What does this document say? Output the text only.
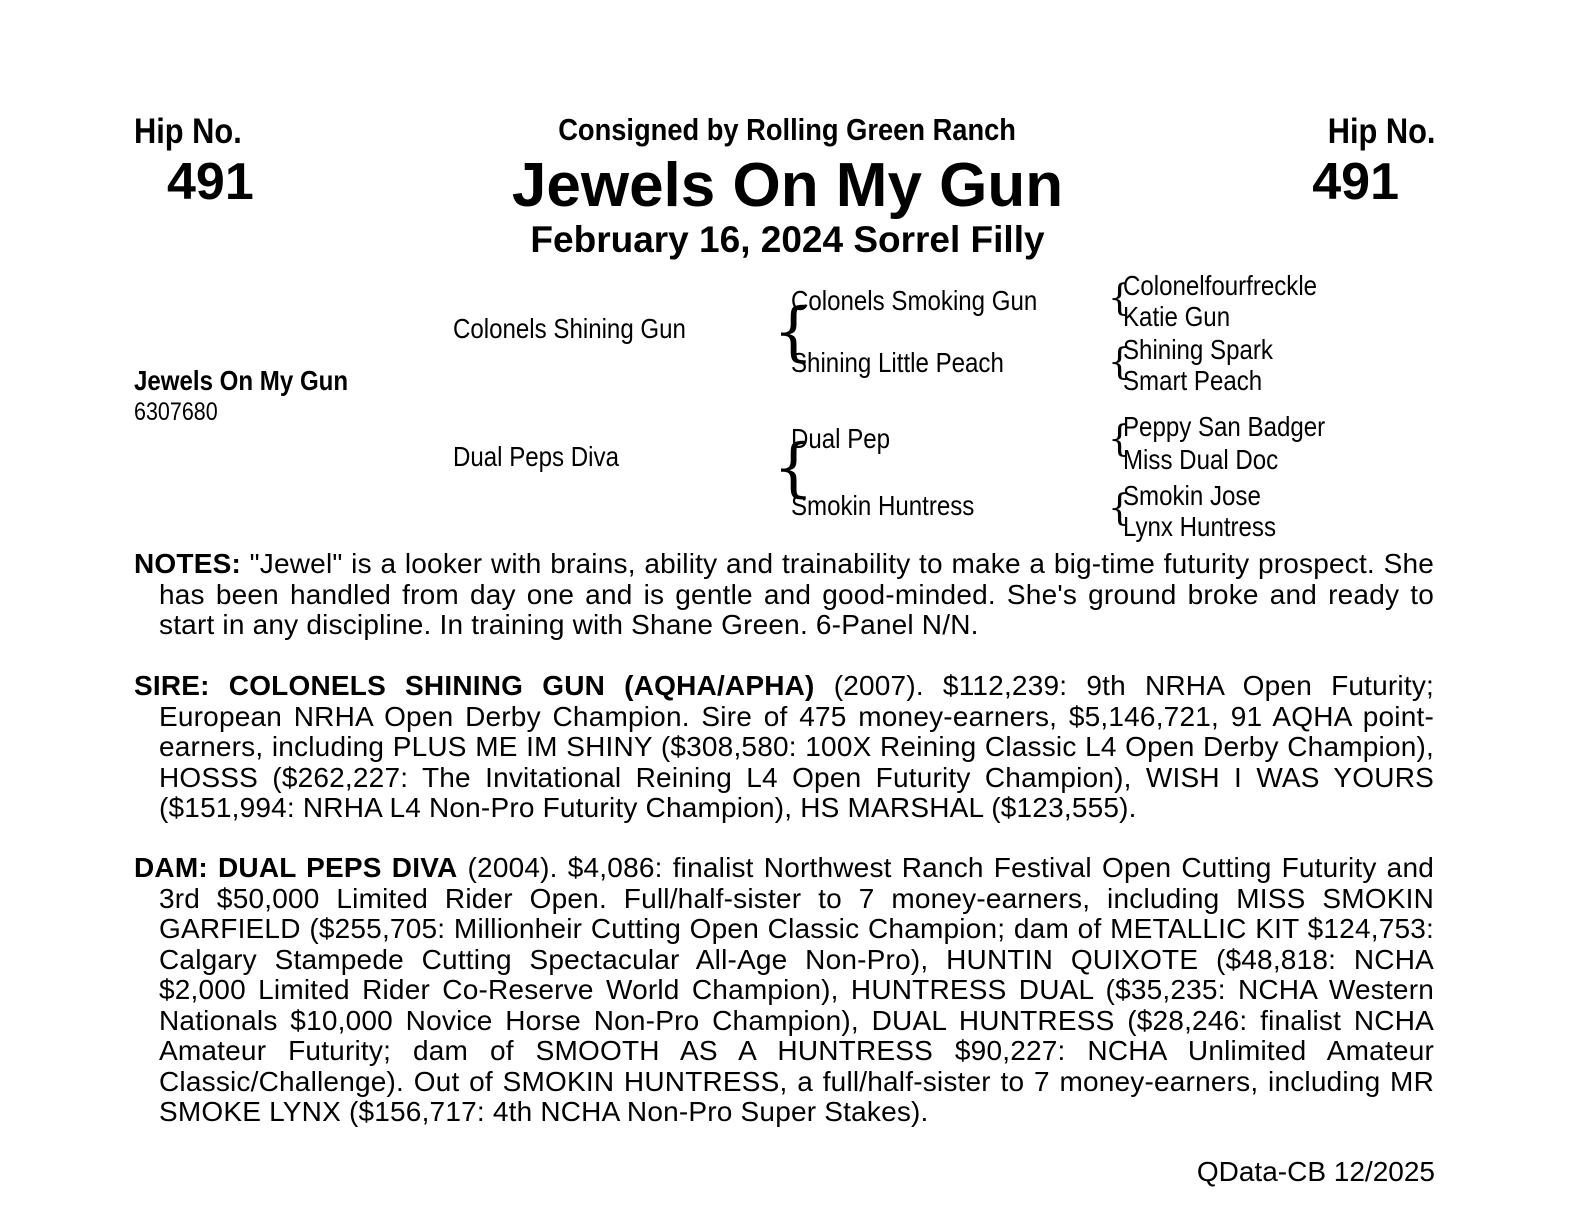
Hip No.
491
Hip No.
491
Consigned by Rolling Green Ranch
Jewels On My Gun
February 16, 2024 Sorrel Filly
Jewels On My Gun
6307680
Colonels Shining Gun
Dual Peps Diva
{
{
Colonels Smoking Gun
Shining Little Peach
Dual Pep
Smokin Huntress
{
{
{
{
Colonelfourfreckle
Katie Gun
Shining Spark
Smart Peach
Peppy San Badger
Miss Dual Doc
Smokin Jose
Lynx Huntress
NOTES: "Jewel" is a looker with brains, ability and trainability to make a big-time futurity prospect. She has been handled from day one and is gentle and good-minded. She's ground broke and ready to start in any discipline. In training with Shane Green. 6-Panel N/N.
SIRE: COLONELS SHINING GUN (AQHA/APHA) (2007). $112,239: 9th NRHA Open Futurity; European NRHA Open Derby Champion. Sire of 475 money-earners, $5,146,721, 91 AQHA point-earners, including PLUS ME IM SHINY ($308,580: 100X Reining Classic L4 Open Derby Champion), HOSSS ($262,227: The Invitational Reining L4 Open Futurity Champion), WISH I WAS YOURS ($151,994: NRHA L4 Non-Pro Futurity Champion), HS MARSHAL ($123,555).
DAM: DUAL PEPS DIVA (2004). $4,086: finalist Northwest Ranch Festival Open Cutting Futurity and 3rd $50,000 Limited Rider Open. Full/half-sister to 7 money-earners, including MISS SMOKIN GARFIELD ($255,705: Millionheir Cutting Open Classic Champion; dam of METALLIC KIT $124,753: Calgary Stampede Cutting Spectacular All-Age Non-Pro), HUNTIN QUIXOTE ($48,818: NCHA $2,000 Limited Rider Co-Reserve World Champion), HUNTRESS DUAL ($35,235: NCHA Western Nationals $10,000 Novice Horse Non-Pro Champion), DUAL HUNTRESS ($28,246: finalist NCHA Amateur Futurity; dam of SMOOTH AS A HUNTRESS $90,227: NCHA Unlimited Amateur Classic/Challenge). Out of SMOKIN HUNTRESS, a full/half-sister to 7 money-earners, including MR SMOKE LYNX ($156,717: 4th NCHA Non-Pro Super Stakes).
QData-CB 12/2025
